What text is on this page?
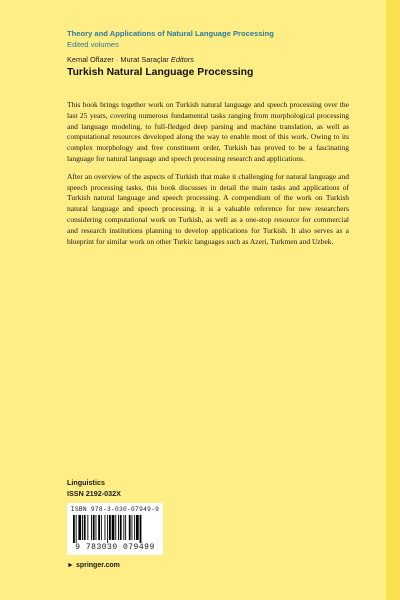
Theory and Applications of Natural Language Processing
Edited volumes
Kemal Oflazer · Murat Saraçlar Editors
Turkish Natural Language Processing

This book brings together work on Turkish natural language and speech processing over the last 25 years, covering numerous fundamental tasks ranging from morphological processing and language modeling, to full-fledged deep parsing and machine translation, as well as computational resources developed along the way to enable most of this work. Owing to its complex morphology and free constituent order, Turkish has proved to be a fascinating language for natural language and speech processing research and applications.

After an overview of the aspects of Turkish that make it challenging for natural language and speech processing tasks, this book discusses in detail the main tasks and applications of Turkish natural language and speech processing. A compendium of the work on Turkish natural language and speech processing, it is a valuable reference for new researchers considering computational work on Turkish, as well as a one-stop resource for commercial and research institutions planning to develop applications for Turkish. It also serves as a blueprint for similar work on other Turkic languages such as Azeri, Turkmen and Uzbek.

Linguistics
ISSN 2192-032X
ISBN 978-3-030-07949-9
9 783030 079499
► springer.com
